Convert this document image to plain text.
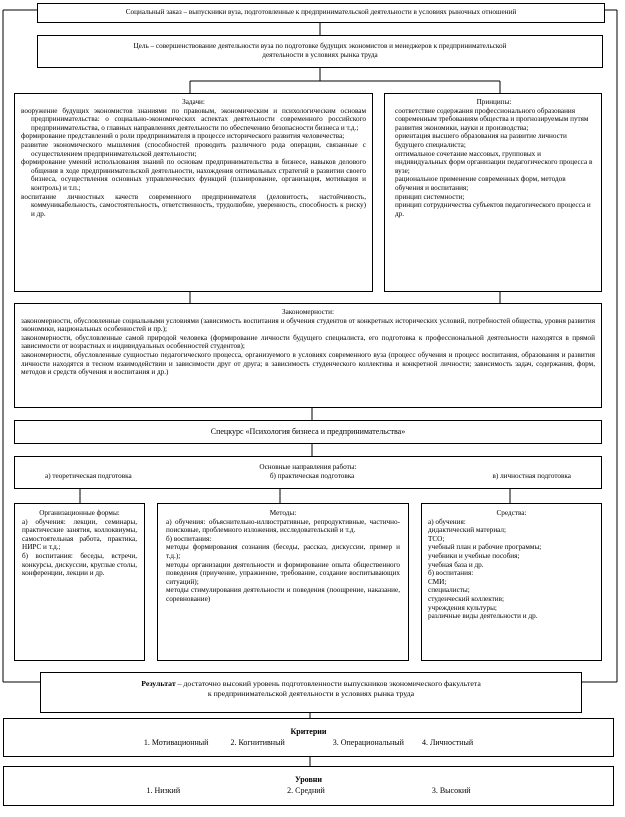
Социальный заказ – выпускники вуза, подготовленные к предпринимательской деятельности в условиях рыночных отношений
Цель – совершенствование деятельности вуза по подготовке будущих экономистов и менеджеров к предпринимательской
деятельности в условиях рынка труда
Задачи:
вооружение будущих экономистов знаниями по правовым, экономическим и психологическим основам предпринимательства: о социально-экономических аспектах деятельности современного российского предпринимательства, о главных направлениях деятельности по обеспечению безопасности бизнеса и т.д.;
формирование представлений о роли предпринимателя в процессе исторического развития человечества;
развитие экономического мышления (способностей проводить различного рода операции, связанные с осуществлением предпринимательской деятельности;
формирование умений использования знаний по основам предпринимательства в бизнесе, навыков делового общения в ходе предпринимательской деятельности, нахождения оптимальных стратегий в развитии своего бизнеса, осуществления основных управленческих функций (планирование, организация, мотивация и контроль) и т.п.;
воспитание личностных качеств современного предпринимателя (деловитость, настойчивость, коммуникабельность, самостоятельность, ответственность, трудолюбие, уверенность, способность к риску) и др.
Принципы:
соответствие содержания профессионального образования современным требованиям общества и прогнозируемым путям развития экономики, науки и производства;
ориентация высшего образования на развитие личности будущего специалиста;
оптимальное сочетание массовых, групповых и индивидуальных форм организации педагогического процесса в вузе;
рациональное применение современных форм, методов обучения и воспитания;
принцип системности;
принцип сотрудничества субъектов педагогического процесса и др.
Закономерности:
закономерности, обусловленные социальными условиями (зависимость воспитания и обучения студентов от конкретных исторических условий, потребностей общества, уровня развития экономики, национальных особенностей и пр.);
закономерности, обусловленные самой природой человека (формирование личности будущего специалиста, его подготовка к профессиональной деятельности находятся в прямой зависимости от возрастных и индивидуальных особенностей студентов);
закономерности, обусловленные сущностью педагогического процесса, организуемого в условиях современного вуза (процесс обучения и процесс воспитания, образования и развития личности находятся в тесном взаимодействии и зависимости друг от друга; в зависимость студенческого коллектива и конкретной личности; зависимость задач, содержания, форм, методов и средств обучения и воспитания и др.)
Спецкурс «Психология бизнеса и предпринимательства»
Основные направления работы:
а) теоретическая подготовка	б) практическая подготовка	в) личностная подготовка
Организационные формы:
а) обучения: лекции, семинары, практические занятия, коллоквиумы, самостоятельная работа, практика, НИРС и т.д.;
б) воспитания: беседы, встречи, конкурсы, дискуссии, круглые столы, конференции, лекции и др.
Методы:
а) обучения: объяснительно-иллюстративные, репродуктивные, частично-поисковые, проблемного изложения, исследовательский и т.д.
б) воспитания:
методы формирования сознания (беседы, рассказ, дискуссии, пример и т.д.);
методы организации деятельности и формирование опыта общественного поведения (приучение, упражнение, требование, создание воспитывающих ситуаций);
методы стимулирования деятельности и поведения (поощрение, наказание, соревнование)
Средства:
а) обучения:
дидактический материал;
ТСО;
учебный план и рабочие программы;
учебники и учебные пособия;
учебная база и др.
б) воспитания:
СМИ;
специалисты;
студенческий коллектив;
учреждения культуры;
различные виды деятельности и др.
Результат – достаточно высокий уровень подготовленности выпускников экономического факультета
к предпринимательской деятельности в условиях рынка труда
Критерии
1. Мотивационный	2. Когнитивный	3. Операциональный 4. Личностный
Уровни
1. Низкий	2. Средний	3. Высокий
